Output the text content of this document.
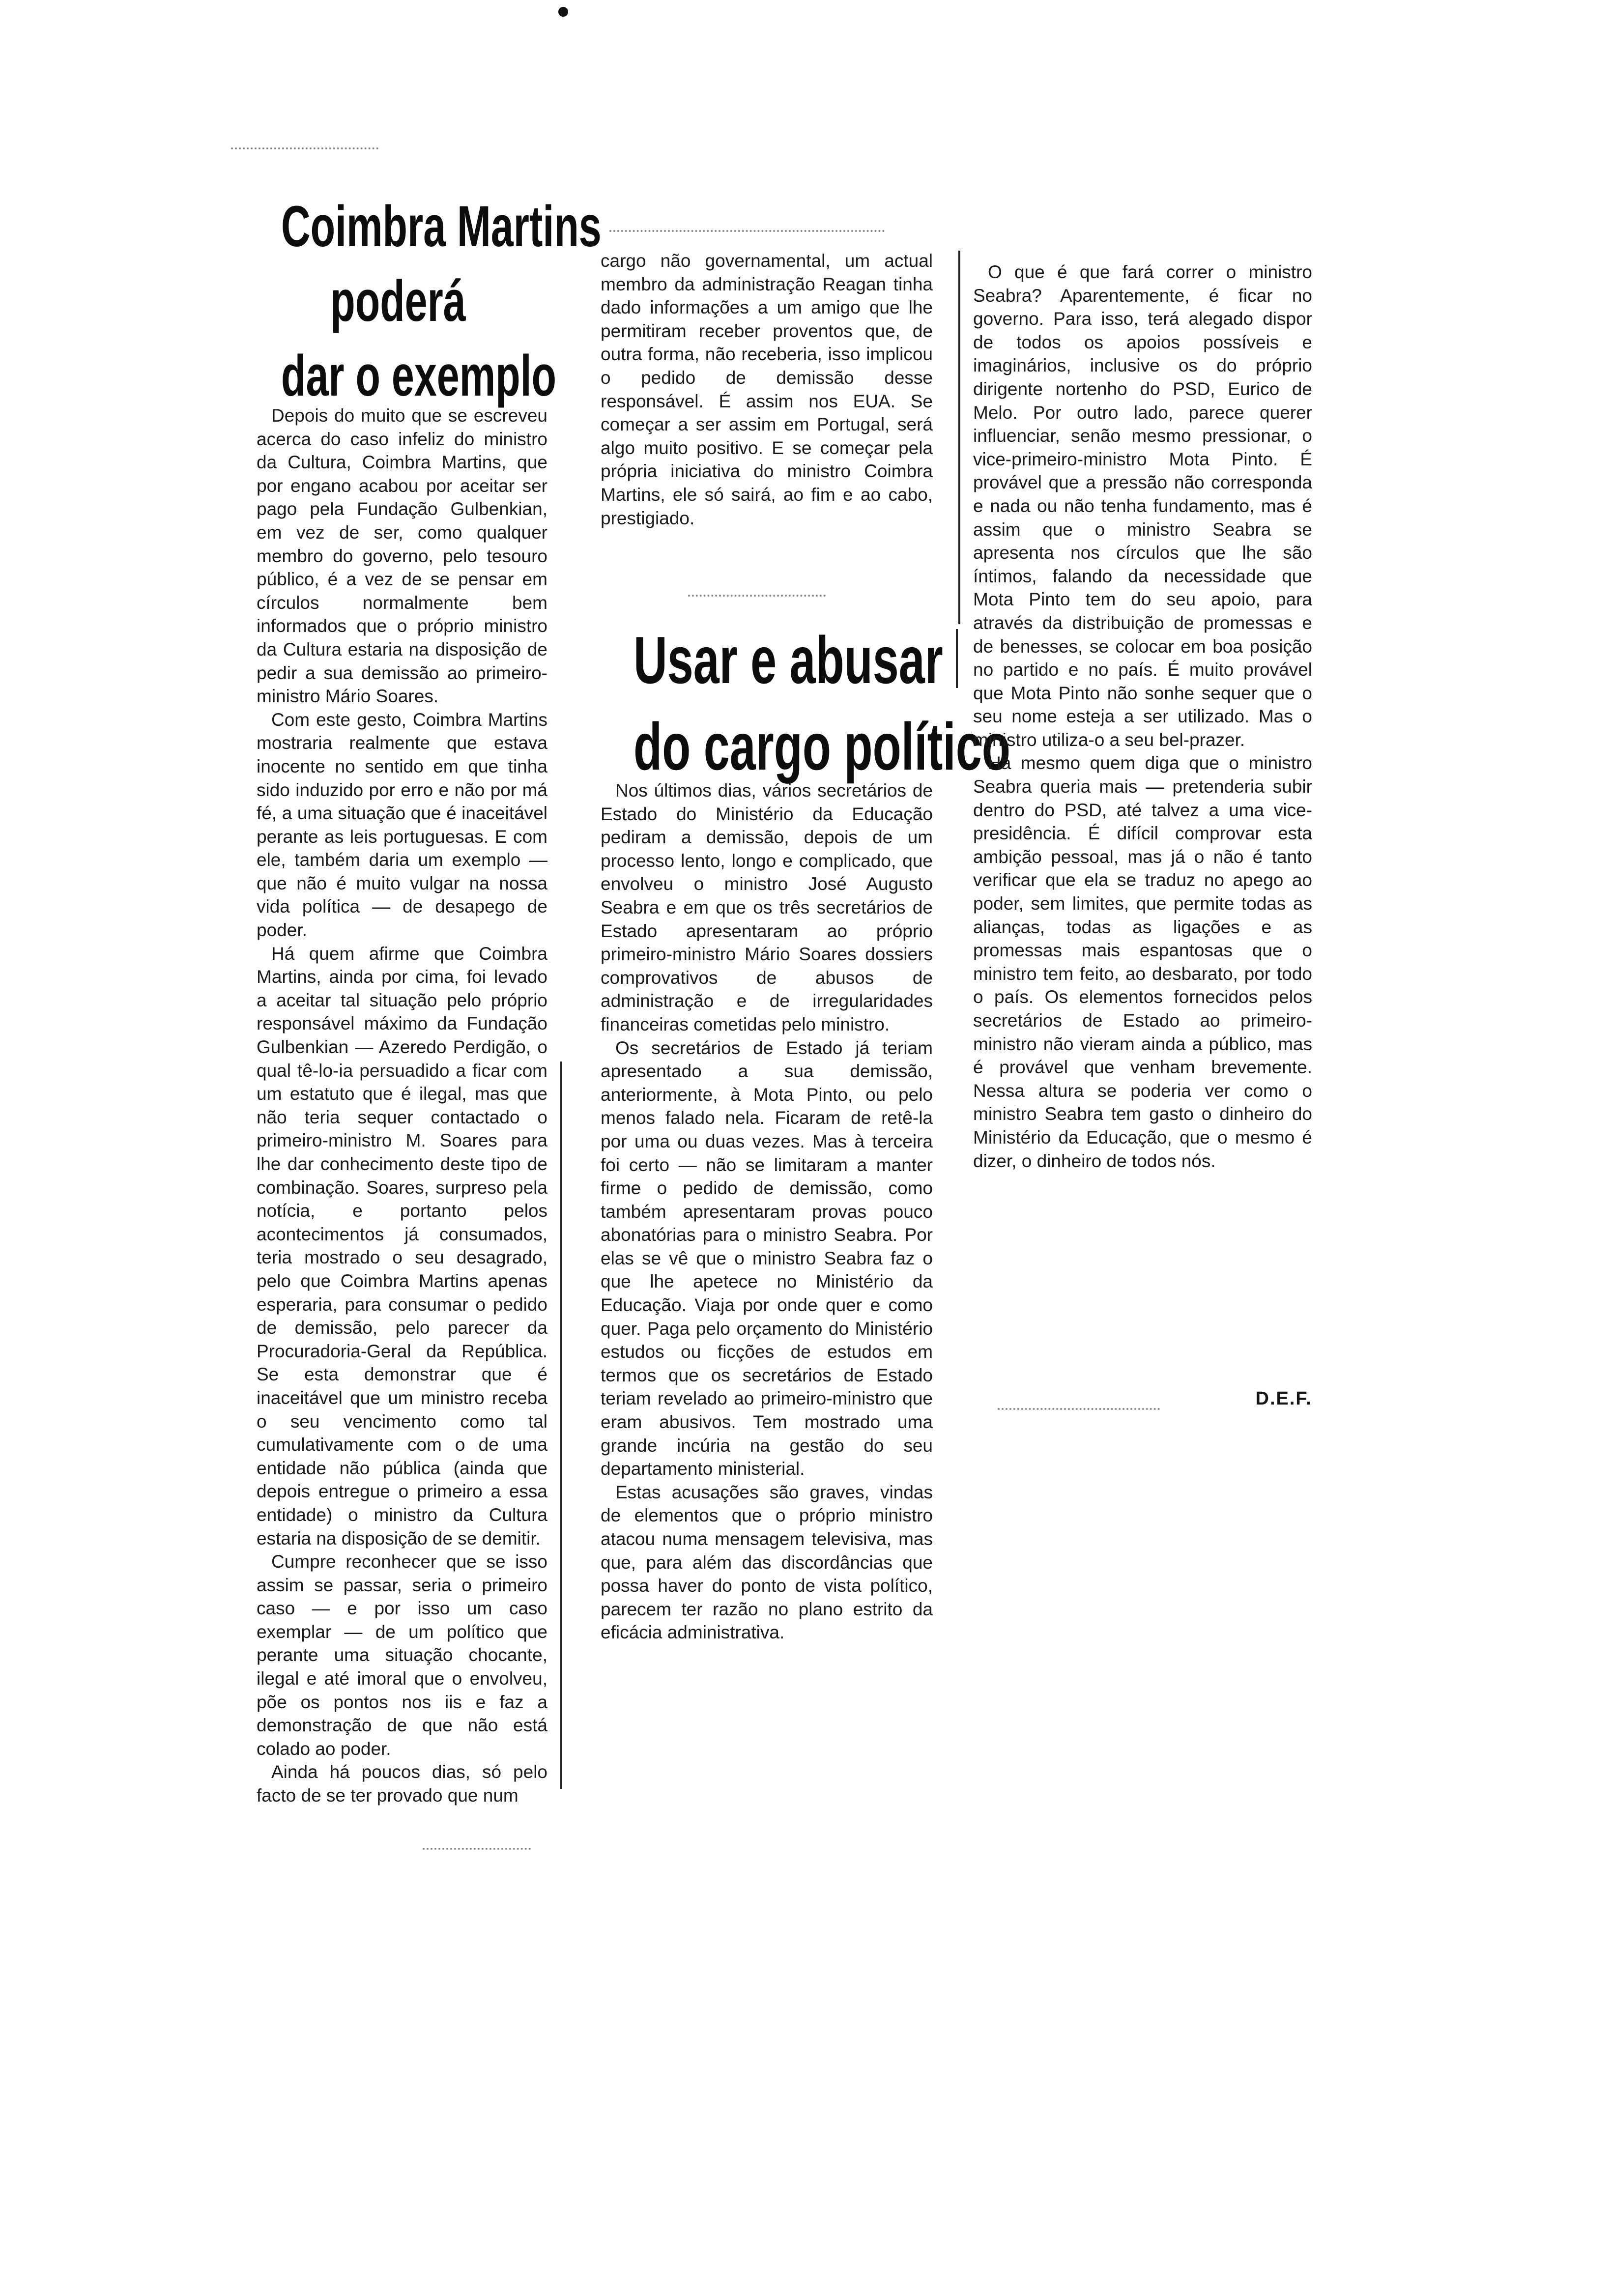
Coimbra Martins
poderá
dar o exemplo

Depois do muito que se escreveu acerca do caso infeliz do ministro da Cultura, Coimbra Martins, que por engano acabou por aceitar ser pago pela Fundação Gulbenkian, em vez de ser, como qualquer membro do governo, pelo tesouro público, é a vez de se pensar em círculos normalmente bem informados que o próprio ministro da Cultura estaria na disposição de pedir a sua demissão ao primeiro-ministro Mário Soares.

Com este gesto, Coimbra Martins mostraria realmente que estava inocente no sentido em que tinha sido induzido por erro e não por má fé, a uma situação que é inaceitável perante as leis portuguesas. E com ele, também daria um exemplo — que não é muito vulgar na nossa vida política — de desapego de poder.

Há quem afirme que Coimbra Martins, ainda por cima, foi levado a aceitar tal situação pelo próprio responsável máximo da Fundação Gulbenkian — Azeredo Perdigão, o qual tê-lo-ia persuadido a ficar com um estatuto que é ilegal, mas que não teria sequer contactado o primeiro-ministro M. Soares para lhe dar conhecimento deste tipo de combinação. Soares, surpreso pela notícia, e portanto pelos acontecimentos já consumados, teria mostrado o seu desagrado, pelo que Coimbra Martins apenas esperaria, para consumar o pedido de demissão, pelo parecer da Procuradoria-Geral da República. Se esta demonstrar que é inaceitável que um ministro receba o seu vencimento como tal cumulativamente com o de uma entidade não pública (ainda que depois entregue o primeiro a essa entidade) o ministro da Cultura estaria na disposição de se demitir.

Cumpre reconhecer que se isso assim se passar, seria o primeiro caso — e por isso um caso exemplar — de um político que perante uma situação chocante, ilegal e até imoral que o envolveu, põe os pontos nos iis e faz a demonstração de que não está colado ao poder.

Ainda há poucos dias, só pelo facto de se ter provado que num

cargo não governamental, um actual membro da administração Reagan tinha dado informações a um amigo que lhe permitiram receber proventos que, de outra forma, não receberia, isso implicou o pedido de demissão desse responsável. É assim nos EUA. Se começar a ser assim em Portugal, será algo muito positivo. E se começar pela própria iniciativa do ministro Coimbra Martins, ele só sairá, ao fim e ao cabo, prestigiado.

Usar e abusar
do cargo político

Nos últimos dias, vários secretários de Estado do Ministério da Educação pediram a demissão, depois de um processo lento, longo e complicado, que envolveu o ministro José Augusto Seabra e em que os três secretários de Estado apresentaram ao próprio primeiro-ministro Mário Soares dossiers comprovativos de abusos de administração e de irregularidades financeiras cometidas pelo ministro.

Os secretários de Estado já teriam apresentado a sua demissão, anteriormente, à Mota Pinto, ou pelo menos falado nela. Ficaram de retê-la por uma ou duas vezes. Mas à terceira foi certo — não se limitaram a manter firme o pedido de demissão, como também apresentaram provas pouco abonatórias para o ministro Seabra. Por elas se vê que o ministro Seabra faz o que lhe apetece no Ministério da Educação. Viaja por onde quer e como quer. Paga pelo orçamento do Ministério estudos ou ficções de estudos em termos que os secretários de Estado teriam revelado ao primeiro-ministro que eram abusivos. Tem mostrado uma grande incúria na gestão do seu departamento ministerial.

Estas acusações são graves, vindas de elementos que o próprio ministro atacou numa mensagem televisiva, mas que, para além das discordâncias que possa haver do ponto de vista político, parecem ter razão no plano estrito da eficácia administrativa.

O que é que fará correr o ministro Seabra? Aparentemente, é ficar no governo. Para isso, terá alegado dispor de todos os apoios possíveis e imaginários, inclusive os do próprio dirigente nortenho do PSD, Eurico de Melo. Por outro lado, parece querer influenciar, senão mesmo pressionar, o vice-primeiro-ministro Mota Pinto. É provável que a pressão não corresponda e nada ou não tenha fundamento, mas é assim que o ministro Seabra se apresenta nos círculos que lhe são íntimos, falando da necessidade que Mota Pinto tem do seu apoio, para através da distribuição de promessas e de benesses, se colocar em boa posição no partido e no país. É muito provável que Mota Pinto não sonhe sequer que o seu nome esteja a ser utilizado. Mas o ministro utiliza-o a seu bel-prazer.

Há mesmo quem diga que o ministro Seabra queria mais — pretenderia subir dentro do PSD, até talvez a uma vice-presidência. É difícil comprovar esta ambição pessoal, mas já o não é tanto verificar que ela se traduz no apego ao poder, sem limites, que permite todas as alianças, todas as ligações e as promessas mais espantosas que o ministro tem feito, ao desbarato, por todo o país. Os elementos fornecidos pelos secretários de Estado ao primeiro-ministro não vieram ainda a público, mas é provável que venham brevemente. Nessa altura se poderia ver como o ministro Seabra tem gasto o dinheiro do Ministério da Educação, que o mesmo é dizer, o dinheiro de todos nós.

D.E.F.
